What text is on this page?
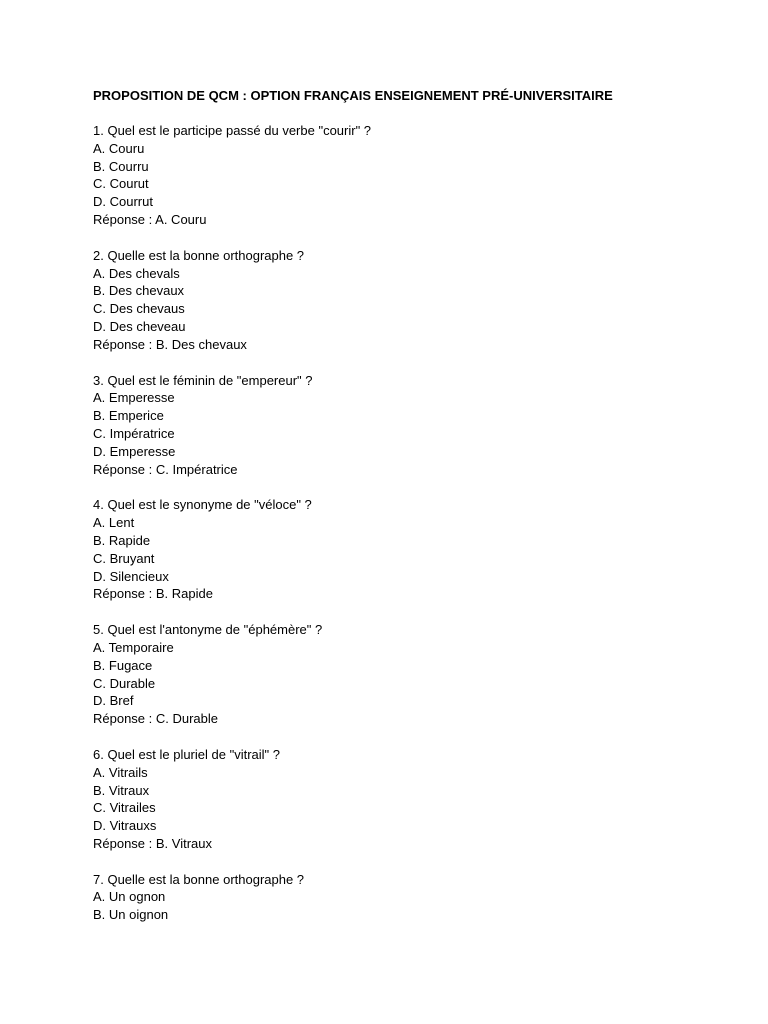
PROPOSITION DE QCM : OPTION FRANÇAIS ENSEIGNEMENT PRÉ-UNIVERSITAIRE
1. Quel est le participe passé du verbe "courir" ?
A. Couru
B. Courru
C. Courut
D. Courrut
Réponse : A. Couru
2. Quelle est la bonne orthographe ?
A. Des chevals
B. Des chevaux
C. Des chevaus
D. Des cheveau
Réponse : B. Des chevaux
3. Quel est le féminin de "empereur" ?
A. Emperesse
B. Emperice
C. Impératrice
D. Emperesse
Réponse : C. Impératrice
4. Quel est le synonyme de "véloce" ?
A. Lent
B. Rapide
C. Bruyant
D. Silencieux
Réponse : B. Rapide
5. Quel est l'antonyme de "éphémère" ?
A. Temporaire
B. Fugace
C. Durable
D. Bref
Réponse : C. Durable
6. Quel est le pluriel de "vitrail" ?
A. Vitrails
B. Vitraux
C. Vitrailes
D. Vitrauxs
Réponse : B. Vitraux
7. Quelle est la bonne orthographe ?
A. Un ognon
B. Un oignon
